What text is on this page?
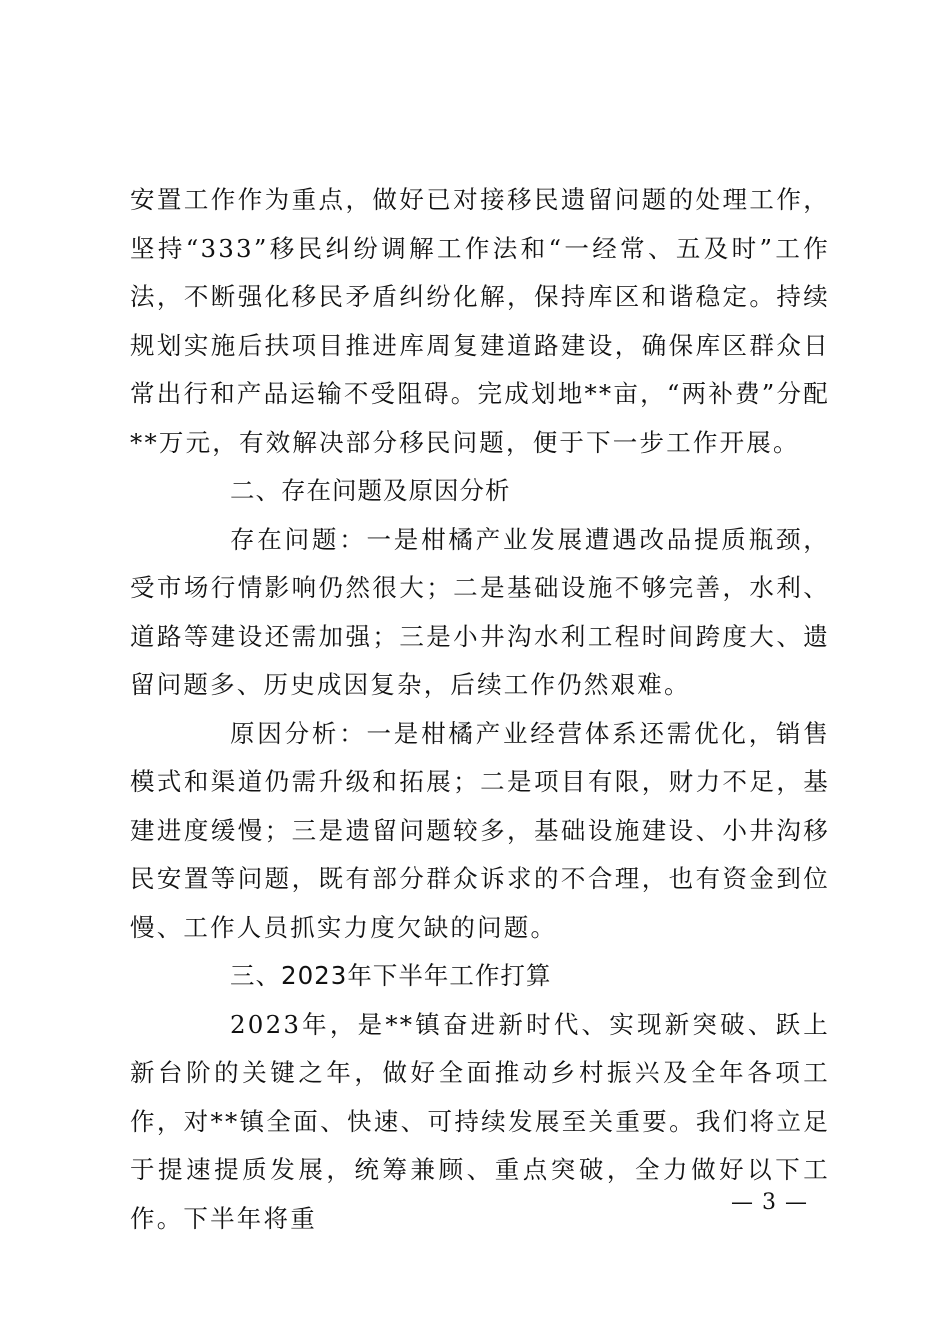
安置工作作为重点，做好已对接移民遗留问题的处理工作，坚持“333”移民纠纷调解工作法和“一经常、五及时”工作法，不断强化移民矛盾纠纷化解，保持库区和谐稳定。持续规划实施后扶项目推进库周复建道路建设，确保库区群众日常出行和产品运输不受阻碍。完成划地**亩，“两补费”分配**万元，有效解决部分移民问题，便于下一步工作开展。

二、存在问题及原因分析

存在问题：一是柑橘产业发展遭遇改品提质瓶颈，受市场行情影响仍然很大；二是基础设施不够完善，水利、道路等建设还需加强；三是小井沟水利工程时间跨度大、遗留问题多、历史成因复杂，后续工作仍然艰难。

原因分析：一是柑橘产业经营体系还需优化，销售模式和渠道仍需升级和拓展；二是项目有限，财力不足，基建进度缓慢；三是遗留问题较多，基础设施建设、小井沟移民安置等问题，既有部分群众诉求的不合理，也有资金到位慢、工作人员抓实力度欠缺的问题。

三、2023年下半年工作打算

2023年，是**镇奋进新时代、实现新突破、跃上新台阶的关键之年，做好全面推动乡村振兴及全年各项工作，对**镇全面、快速、可持续发展至关重要。我们将立足于提速提质发展，统筹兼顾、重点突破，全力做好以下工作。下半年将重

— 3 —
